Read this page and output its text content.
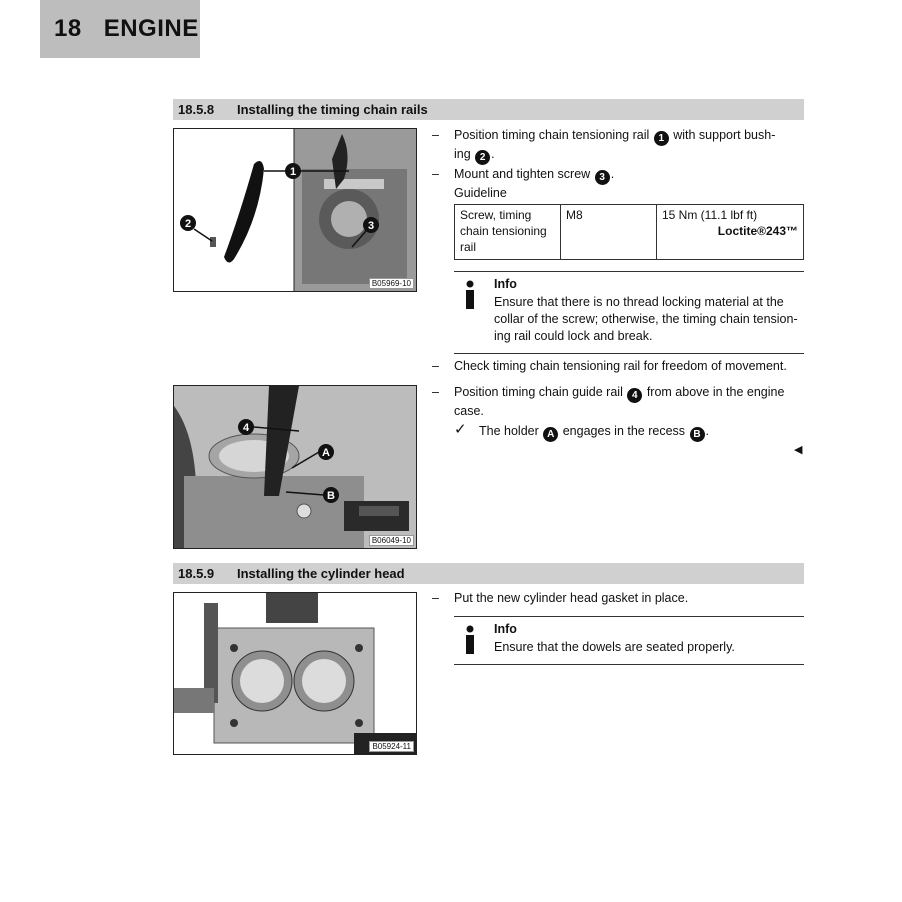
18 ENGINE
18.5.8	Installing the timing chain rails
1
2	3
B05969-10
– Position timing chain tensioning rail 1 with support bush-
ing 2 .
– Mount and tighten screw 3 .
Guideline
Screw, timing chain tensioning rail	M8	15 Nm (11.1 lbf ft)
Loctite®243™
Info
Ensure that there is no thread locking material at the collar of the screw; otherwise, the timing chain tension-ing rail could lock and break.
– Check timing chain tensioning rail for freedom of movement.
4
A
B
B06049-10
– Position timing chain guide rail 4 from above in the engine case.
✓ The holder A engages in the recess B .
◀
18.5.9	Installing the cylinder head
B05924-11
– Put the new cylinder head gasket in place.
Info
Ensure that the dowels are seated properly.
